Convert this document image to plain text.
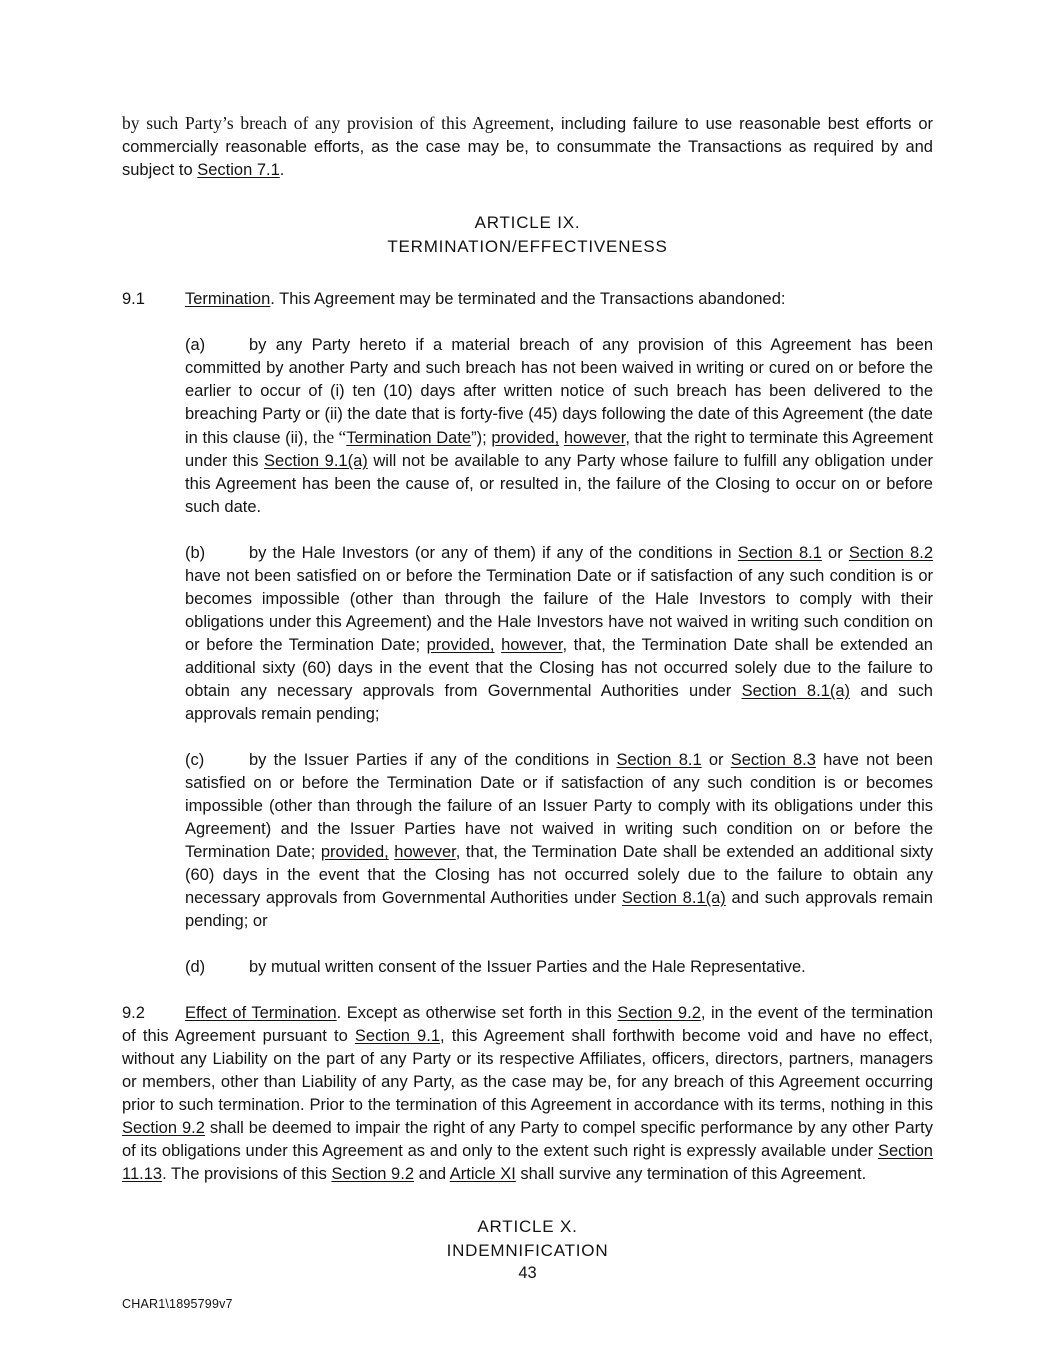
by such Party’s breach of any provision of this Agreement, including failure to use reasonable best efforts or commercially reasonable efforts, as the case may be, to consummate the Transactions as required by and subject to Section 7.1.

ARTICLE IX.
TERMINATION/EFFECTIVENESS

9.1 Termination. This Agreement may be terminated and the Transactions abandoned:

(a)	by any Party hereto if a material breach of any provision of this Agreement has been committed by another Party and such breach has not been waived in writing or cured on or before the earlier to occur of (i) ten (10) days after written notice of such breach has been delivered to the breaching Party or (ii) the date that is forty-five (45) days following the date of this Agreement (the date in this clause (ii), the “Termination Date”); provided, however, that the right to terminate this Agreement under this Section 9.1(a) will not be available to any Party whose failure to fulfill any obligation under this Agreement has been the cause of, or resulted in, the failure of the Closing to occur on or before such date.

(b)	by the Hale Investors (or any of them) if any of the conditions in Section 8.1 or Section 8.2 have not been satisfied on or before the Termination Date or if satisfaction of any such condition is or becomes impossible (other than through the failure of the Hale Investors to comply with their obligations under this Agreement) and the Hale Investors have not waived in writing such condition on or before the Termination Date; provided, however, that, the Termination Date shall be extended an additional sixty (60) days in the event that the Closing has not occurred solely due to the failure to obtain any necessary approvals from Governmental Authorities under Section 8.1(a) and such approvals remain pending;

(c)	by the Issuer Parties if any of the conditions in Section 8.1 or Section 8.3 have not been satisfied on or before the Termination Date or if satisfaction of any such condition is or becomes impossible (other than through the failure of an Issuer Party to comply with its obligations under this Agreement) and the Issuer Parties have not waived in writing such condition on or before the Termination Date; provided, however, that, the Termination Date shall be extended an additional sixty (60) days in the event that the Closing has not occurred solely due to the failure to obtain any necessary approvals from Governmental Authorities under Section 8.1(a) and such approvals remain pending; or

(d)	by mutual written consent of the Issuer Parties and the Hale Representative.

9.2 Effect of Termination. Except as otherwise set forth in this Section 9.2, in the event of the termination of this Agreement pursuant to Section 9.1, this Agreement shall forthwith become void and have no effect, without any Liability on the part of any Party or its respective Affiliates, officers, directors, partners, managers or members, other than Liability of any Party, as the case may be, for any breach of this Agreement occurring prior to such termination. Prior to the termination of this Agreement in accordance with its terms, nothing in this Section 9.2 shall be deemed to impair the right of any Party to compel specific performance by any other Party of its obligations under this Agreement as and only to the extent such right is expressly available under Section 11.13. The provisions of this Section 9.2 and Article XI shall survive any termination of this Agreement.

ARTICLE X.
INDEMNIFICATION
43
CHAR1\1895799v7
